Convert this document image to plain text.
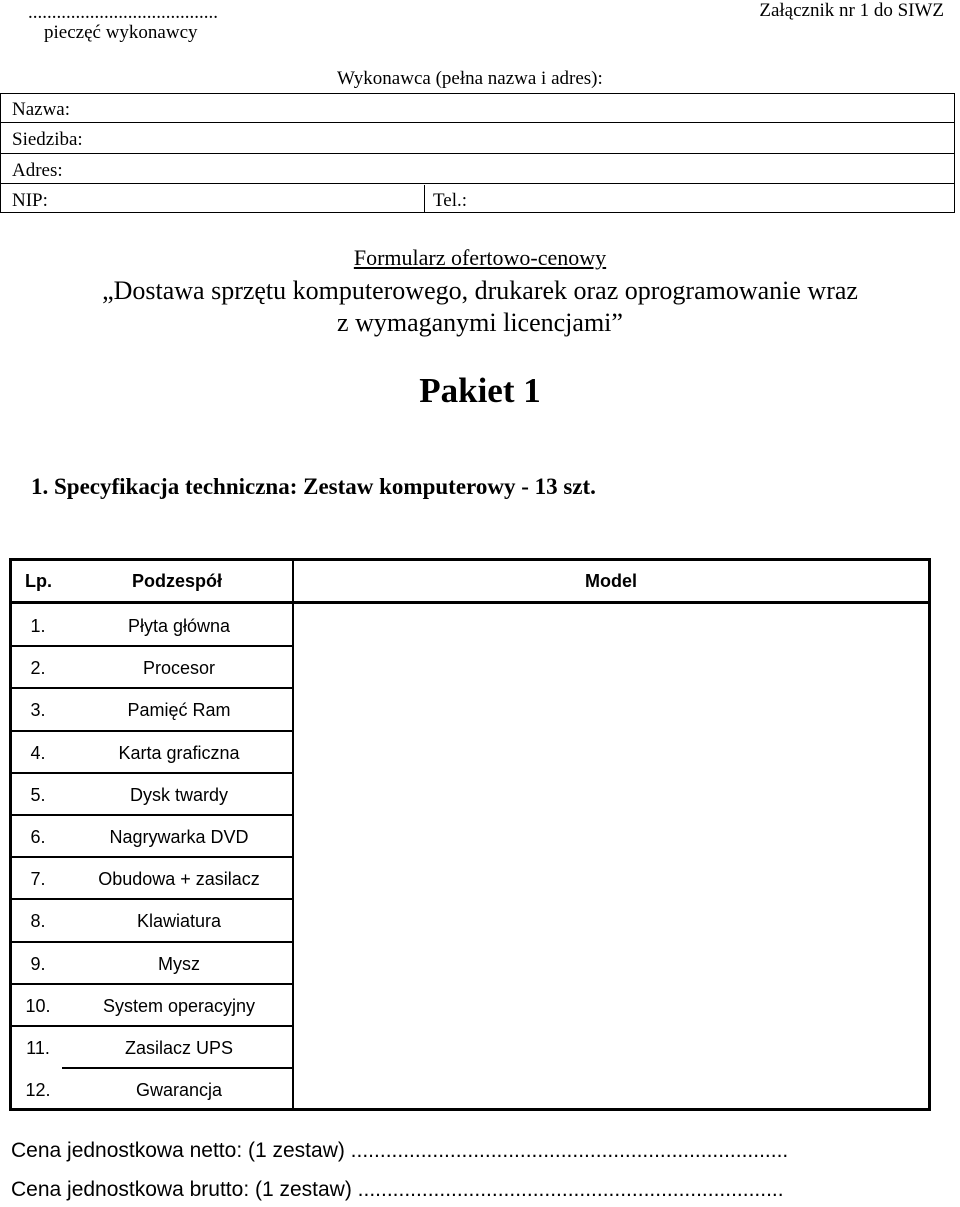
........................................
pieczęć wykonawcy
Załącznik nr 1 do SIWZ
Wykonawca (pełna nazwa i adres):
Nazwa:
Siedziba:
Adres:
NIP:	Tel.:
Formularz ofertowo-cenowy
„Dostawa sprzętu komputerowego, drukarek oraz oprogramowanie wraz
z wymaganymi licencjami”
Pakiet 1
1. Specyfikacja techniczna: Zestaw komputerowy - 13 szt.
Lp.	Podzespół	Model
1.	Płyta główna
2.	Procesor
3.	Pamięć Ram
4.	Karta graficzna
5.	Dysk twardy
6.	Nagrywarka DVD
7.	Obudowa + zasilacz
8.	Klawiatura
9.	Mysz
10.	System operacyjny
11.	Zasilacz UPS
12.	Gwarancja
Cena jednostkowa netto: (1 zestaw) ...........................................................................
Cena jednostkowa brutto: (1 zestaw) .........................................................................
